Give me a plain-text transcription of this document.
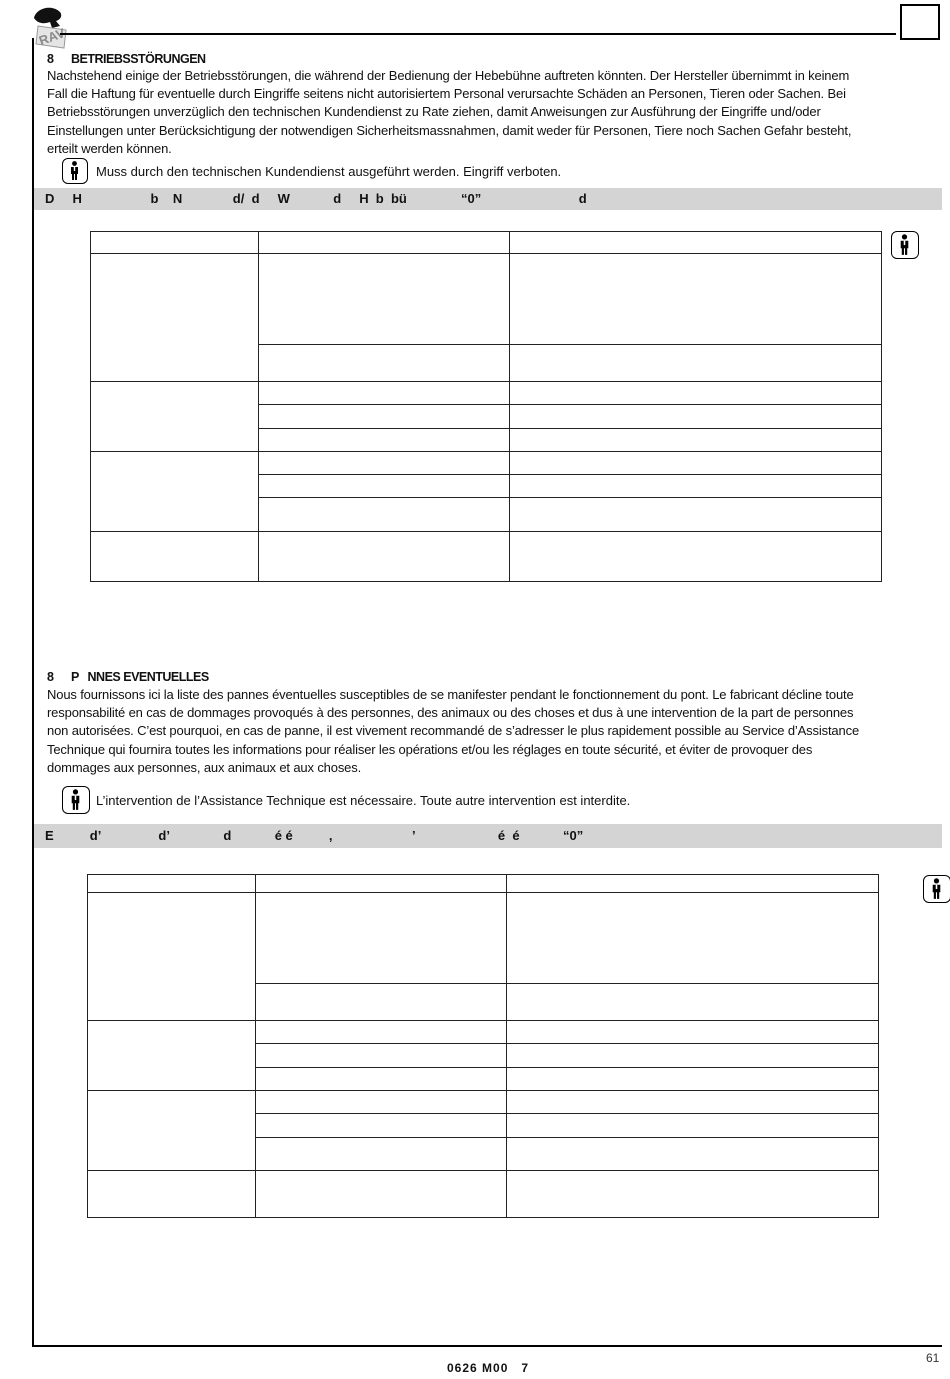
RAV
8 BETRIEBSSTÖRUNGEN
Nachstehend einige der Betriebsstörungen, die während der Bedienung der Hebebühne auftreten könnten. Der Hersteller übernimmt in keinem
Fall die Haftung für eventuelle durch Eingriffe seitens nicht autorisiertem Personal verursachte Schäden an Personen, Tieren oder Sachen. Bei
Betriebsstörungen unverzüglich den technischen Kundendienst zu Rate ziehen, damit Anweisungen zur Ausführung der Eingriffe und/oder
Einstellungen unter Berücksichtigung der notwendigen Sicherheitsmassnahmen, damit weder für Personen, Tiere noch Sachen Gefahr besteht,
erteilt werden können.
Muss durch den technischen Kundendienst ausgeführt werden. Eingriff verboten.
D     H                   b    N              d/  d     W            d     H  b  bü               “0”                           d

8 P   NNES EVENTUELLES
Nous fournissons ici la liste des pannes éventuelles susceptibles de se manifester pendant le fonctionnement du pont. Le fabricant décline toute
responsabilité en cas de dommages provoqués à des personnes, des animaux ou des choses et dus à une intervention de la part de personnes
non autorisées. C’est pourquoi, en cas de panne, il est vivement recommandé de s’adresser le plus rapidement possible au Service d’Assistance
Technique qui fournira toutes les informations pour réaliser les opérations et/ou les réglages en toute sécurité, et éviter de provoquer des
dommages aux personnes, aux animaux et aux choses.
L’intervention de l’Assistance Technique est nécessaire. Toute autre intervention est interdite.
E          d’                d’               d            é é          ,                      ’                       é  é            “0”

61
0626 M00   7
